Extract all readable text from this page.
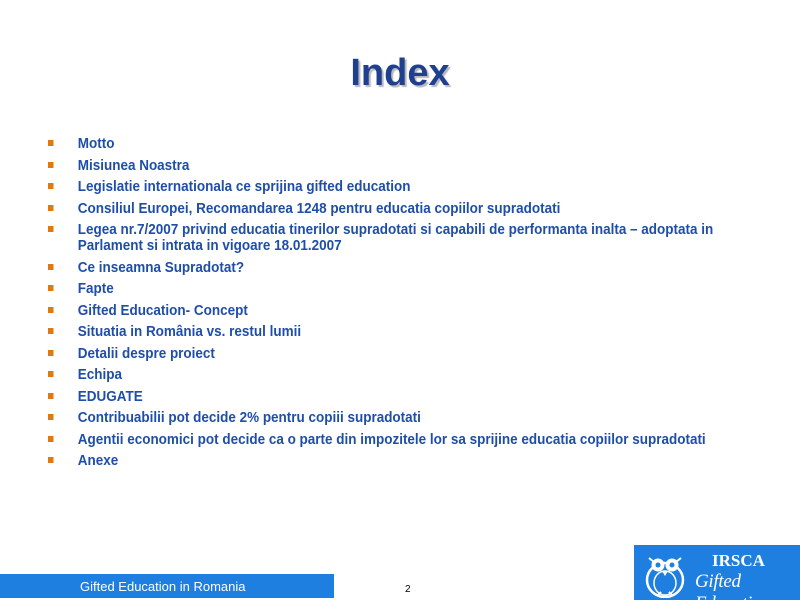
Index
Motto
Misiunea Noastra
Legislatie internationala ce sprijina gifted education
Consiliul Europei, Recomandarea 1248 pentru educatia copiilor supradotati
Legea nr.7/2007 privind educatia tinerilor supradotati si capabili de performanta inalta – adoptata in Parlament si intrata in vigoare 18.01.2007
Ce inseamna Supradotat?
Fapte
Gifted Education- Concept
Situatia in România vs. restul lumii
Detalii despre proiect
Echipa
EDUGATE
Contribuabilii pot decide 2% pentru copiii supradotati
Agentii economici pot decide ca o parte din impozitele lor sa sprijine educatia copiilor supradotati
Anexe
Gifted Education in Romania	2
IRSCA
Gifted Education
